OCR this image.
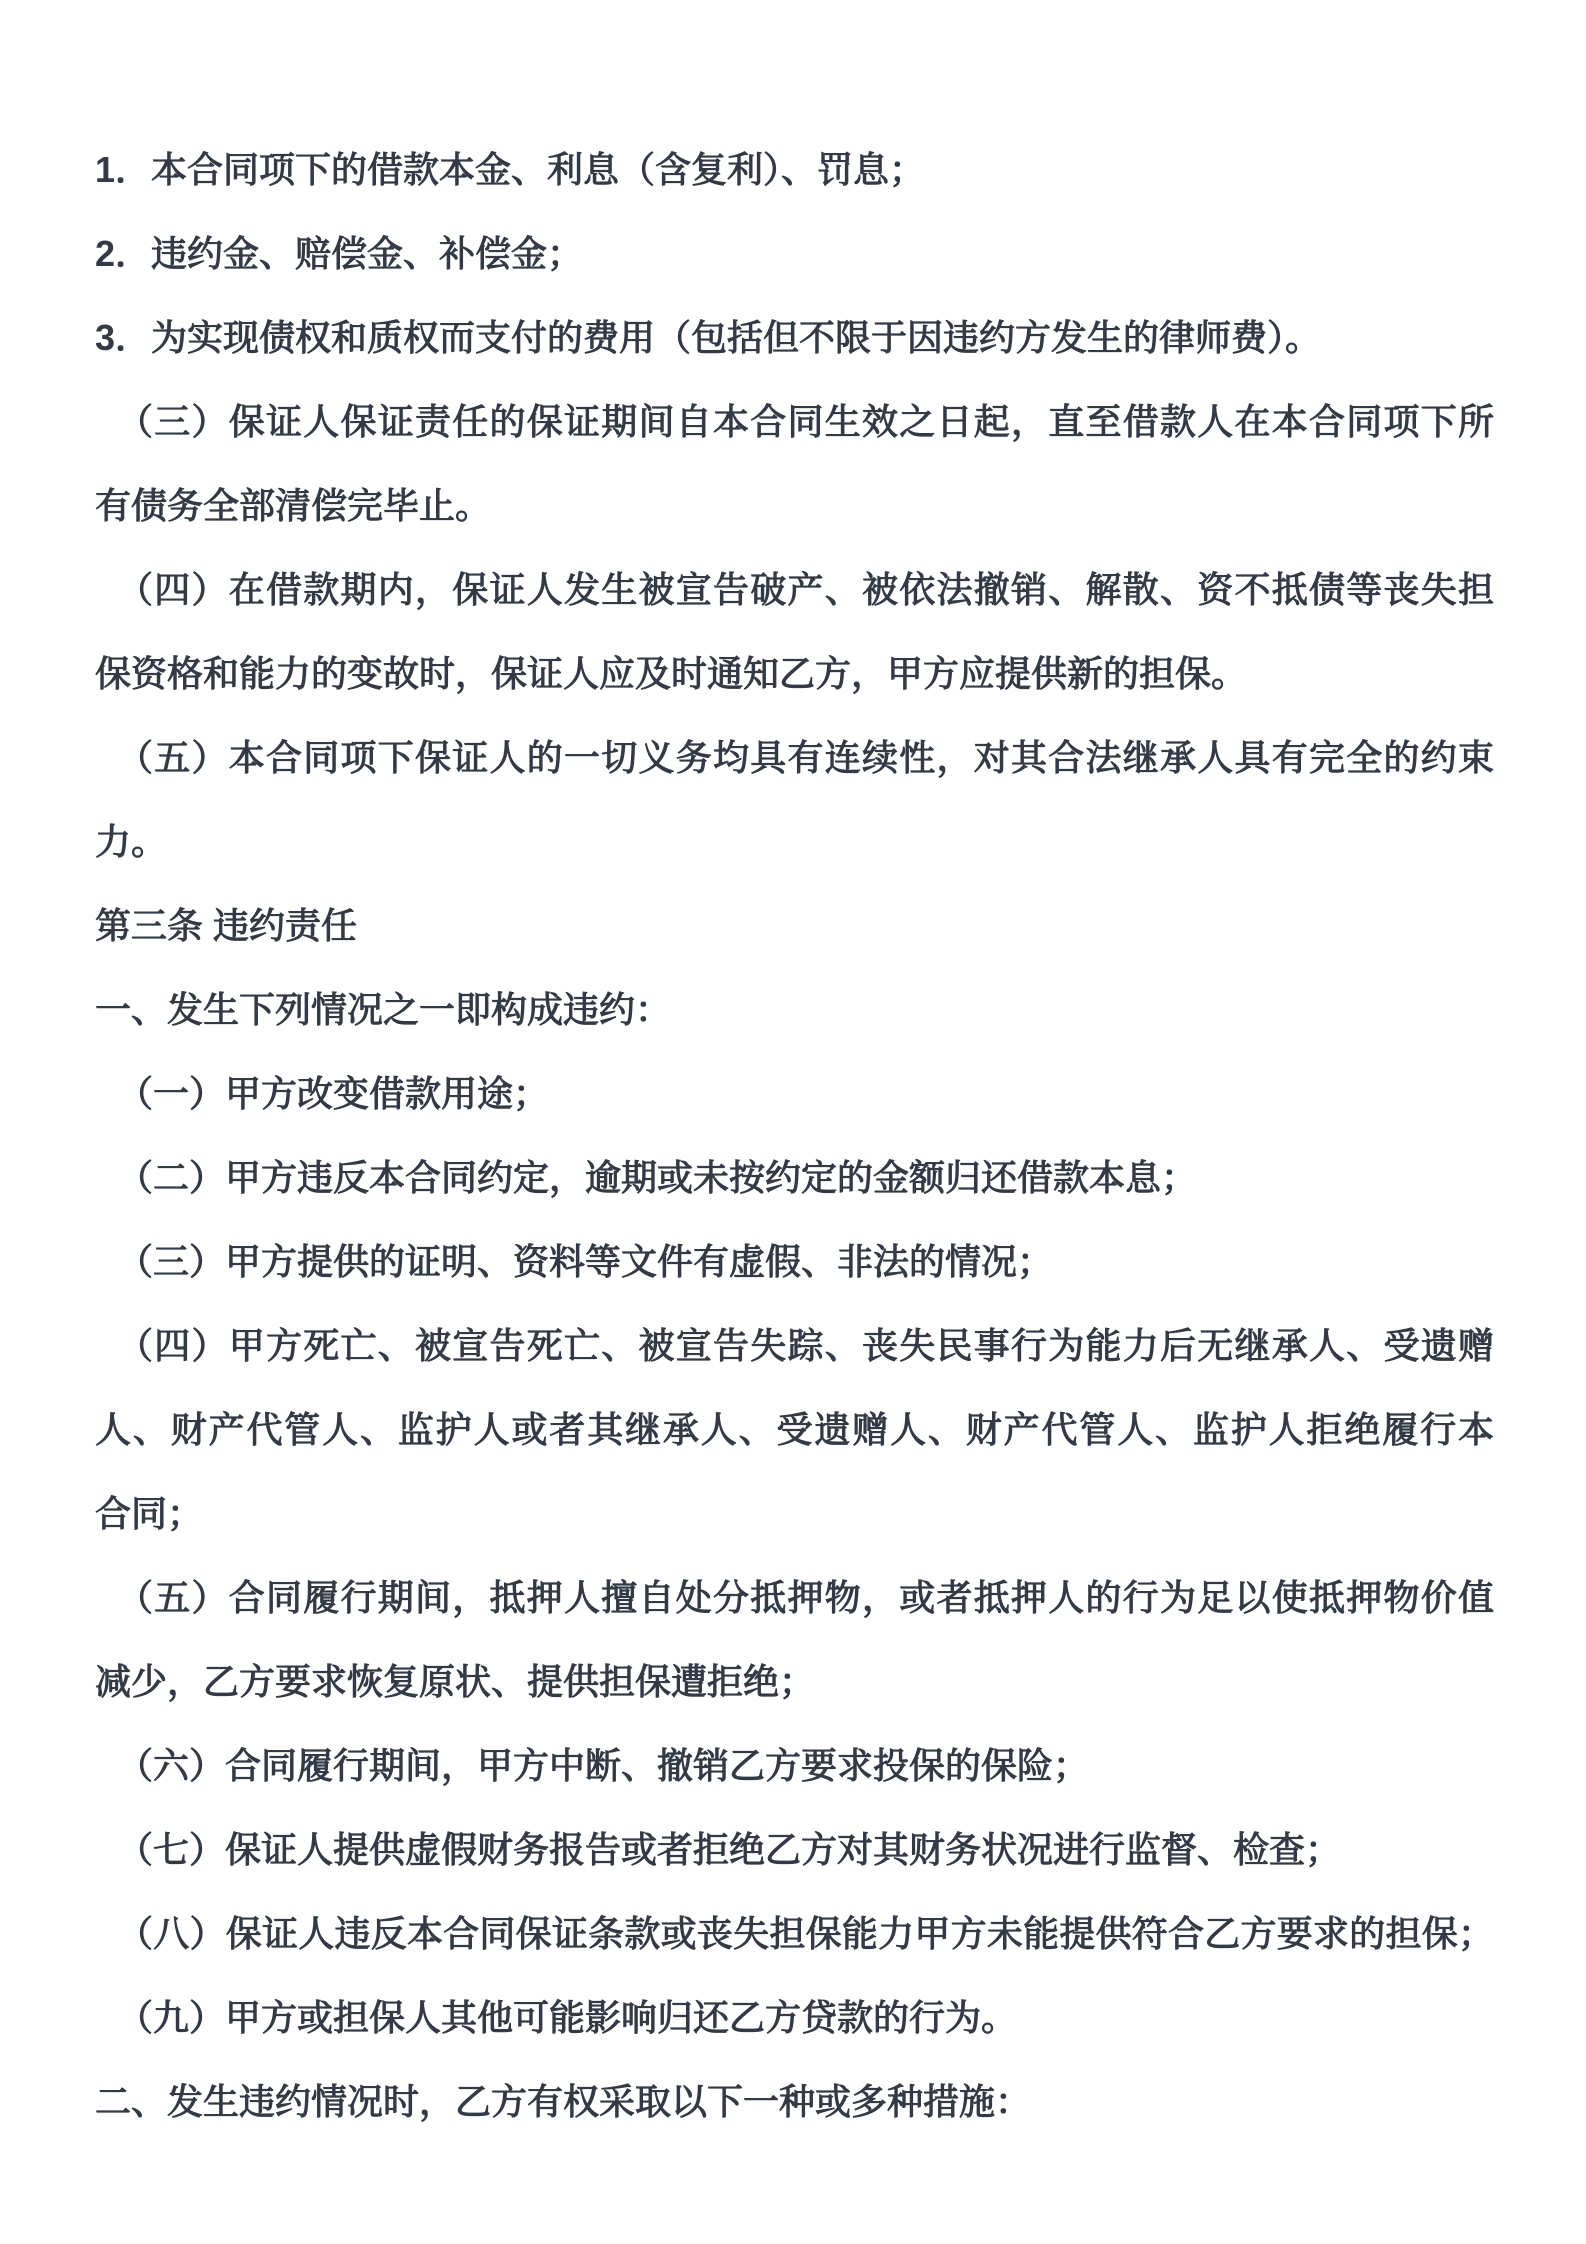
1．本合同项下的借款本金、利息（含复利）、罚息；
2．违约金、赔偿金、补偿金；
3．为实现债权和质权而支付的费用（包括但不限于因违约方发生的律师费）。
（三）保证人保证责任的保证期间自本合同生效之日起，直至借款人在本合同项下所
有债务全部清偿完毕止。
（四）在借款期内，保证人发生被宣告破产、被依法撤销、解散、资不抵债等丧失担
保资格和能力的变故时，保证人应及时通知乙方，甲方应提供新的担保。
（五）本合同项下保证人的一切义务均具有连续性，对其合法继承人具有完全的约束
力。
第三条 违约责任
一、发生下列情况之一即构成违约：
（一）甲方改变借款用途；
（二）甲方违反本合同约定，逾期或未按约定的金额归还借款本息；
（三）甲方提供的证明、资料等文件有虚假、非法的情况；
（四）甲方死亡、被宣告死亡、被宣告失踪、丧失民事行为能力后无继承人、受遗赠
人、财产代管人、监护人或者其继承人、受遗赠人、财产代管人、监护人拒绝履行本
合同；
（五）合同履行期间，抵押人擅自处分抵押物，或者抵押人的行为足以使抵押物价值
减少，乙方要求恢复原状、提供担保遭拒绝；
（六）合同履行期间，甲方中断、撤销乙方要求投保的保险；
（七）保证人提供虚假财务报告或者拒绝乙方对其财务状况进行监督、检查；
（八）保证人违反本合同保证条款或丧失担保能力甲方未能提供符合乙方要求的担保；
（九）甲方或担保人其他可能影响归还乙方贷款的行为。
二、发生违约情况时，乙方有权采取以下一种或多种措施：
